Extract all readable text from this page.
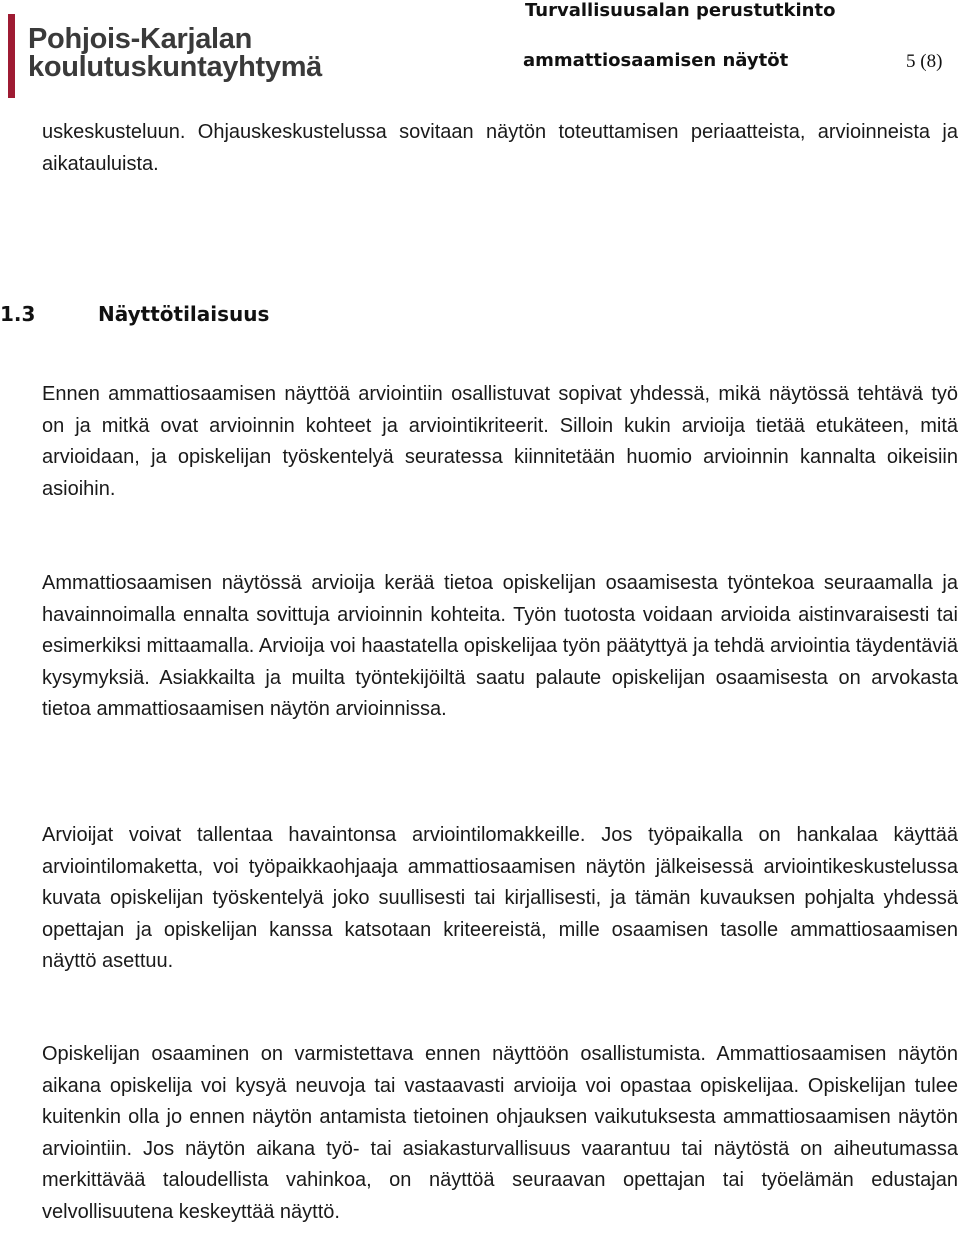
Pohjois-Karjalan
koulutuskuntayhtymä
Turvallisuusalan perustutkinto
ammattiosaamisen näytöt	5 (8)

uskeskusteluun. Ohjauskeskustelussa sovitaan näytön toteuttamisen periaatteista, arvioinneista ja aikatauluista.

1.3	Näyttötilaisuus

Ennen ammattiosaamisen näyttöä arviointiin osallistuvat sopivat yhdessä, mikä näytössä tehtävä työ on ja mitkä ovat arvioinnin kohteet ja arviointikriteerit. Silloin kukin arvioija tietää etukäteen, mitä arvioidaan, ja opiskelijan työskentelyä seuratessa kiinnitetään huomio arvioinnin kannalta oikeisiin asioihin.

Ammattiosaamisen näytössä arvioija kerää tietoa opiskelijan osaamisesta työntekoa seuraamalla ja havainnoimalla ennalta sovittuja arvioinnin kohteita. Työn tuotosta voidaan arvioida aistinvaraisesti tai esimerkiksi mittaamalla. Arvioija voi haastatella opiskelijaa työn päätyttyä ja tehdä arviointia täydentäviä kysymyksiä. Asiakkailta ja muilta työntekijöiltä saatu palaute opiskelijan osaamisesta on arvokasta tietoa ammattiosaamisen näytön arvioinnissa.

Arvioijat voivat tallentaa havaintonsa arviointilomakkeille. Jos työpaikalla on hankalaa käyttää arviointilomaketta, voi työpaikkaohjaaja ammattiosaamisen näytön jälkeisessä arviointikeskustelussa kuvata opiskelijan työskentelyä joko suullisesti tai kirjallisesti, ja tämän kuvauksen pohjalta yhdessä opettajan ja opiskelijan kanssa katsotaan kriteereistä, mille osaamisen tasolle ammattiosaamisen näyttö asettuu.

Opiskelijan osaaminen on varmistettava ennen näyttöön osallistumista. Ammattiosaamisen näytön aikana opiskelija voi kysyä neuvoja tai vastaavasti arvioija voi opastaa opiskelijaa. Opiskelijan tulee kuitenkin olla jo ennen näytön antamista tietoinen ohjauksen vaikutuksesta ammattiosaamisen näytön arviointiin. Jos näytön aikana työ- tai asiakasturvallisuus vaarantuu tai näytöstä on aiheutumassa merkittävää taloudellista vahinkoa, on näyttöä seuraavan opettajan tai työelämän edustajan velvollisuutena keskeyttää näyttö.
